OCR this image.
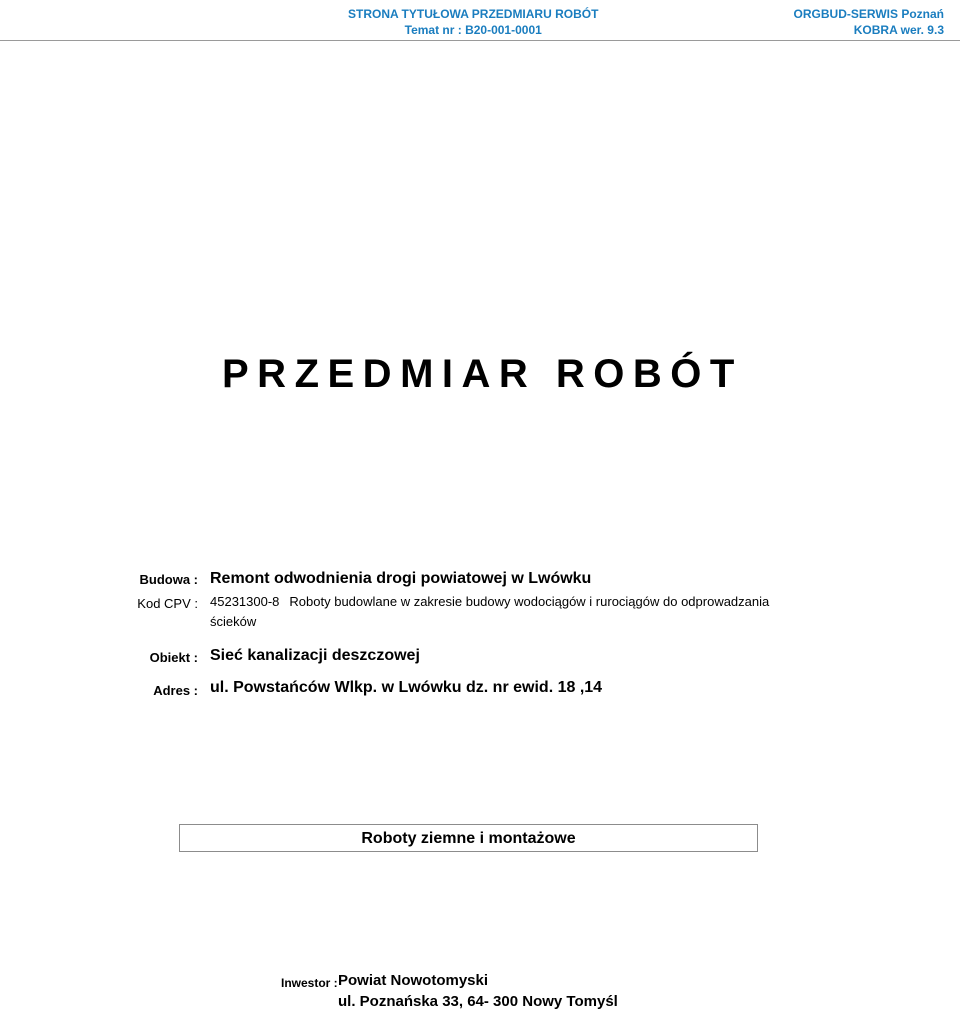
STRONA TYTUŁOWA PRZEDMIARU ROBÓT
Temat nr : B20-001-0001
ORGBUD-SERWIS Poznań
KOBRA wer. 9.3
PRZEDMIAR ROBÓT
Budowa : Remont odwodnienia drogi powiatowej w Lwówku
Kod CPV : 45231300-8 Roboty budowlane w zakresie budowy wodociągów i rurociągów do odprowadzania ścieków
Obiekt : Sieć kanalizacji deszczowej
Adres : ul. Powstańców Wlkp. w Lwówku dz. nr ewid. 18 ,14
Roboty ziemne i montażowe
Inwestor : Powiat Nowotomyski
ul. Poznańska 33, 64- 300 Nowy Tomyśl
